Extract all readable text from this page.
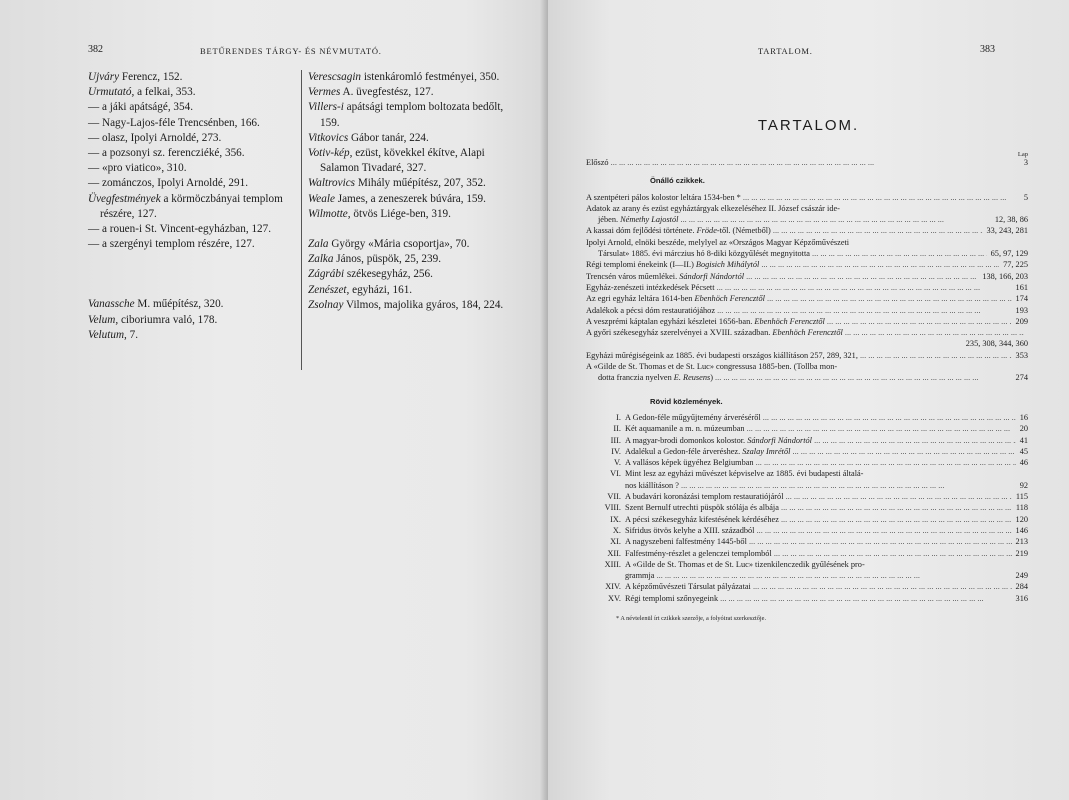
382	BETŰRENDES TÁRGY- ÉS NÉVMUTATÓ.

Ujváry Ferencz, 152.

Urmutató, a felkai, 353.

— a jáki apátságé, 354.

— Nagy-Lajos-féle Trencsénben, 166.

— olasz, Ipolyi Arnoldé, 273.

— a pozsonyi sz. ferencziéké, 356.

— «pro viatico», 310.

— zománczos, Ipolyi Arnoldé, 291.

Üvegfestmények a körmöczbányai templom részére, 127.

— a rouen-i St. Vincent-egyházban, 127.

— a szergényi templom részére, 127.

Vanassche M. műépítész, 320.

Velum, ciboriumra való, 178.

Velutum, 7.

Verescsagin istenkáromló festményei, 350.

Vermes A. üvegfestész, 127.

Villers-i apátsági templom boltozata bedőlt, 159.

Vitkovics Gábor tanár, 224.

Votiv-kép, ezüst, kövekkel ékítve, Alapi Salamon Tivadaré, 327.

Waltrovics Mihály műépítész, 207, 352.

Weale James, a zeneszerek búvára, 159.

Wilmotte, ötvös Liége-ben, 319.

Zala György «Mária csoportja», 70.

Zalka János, püspök, 25, 239.

Zágrábi székesegyház, 256.

Zenészet, egyházi, 161.

Zsolnay Vilmos, majolika gyáros, 184, 224.

TARTALOM.	383
TARTALOM.
Lap
Előszó ... .	3
Önálló czikkek.
A szentpéteri pálos kolostor leltára 1534-ben * ... .	5
Adatok az arany és ezüst egyháztárgyak elkezeléséhez II. József császár ide-
jében. Némethy Lajostól ... .	12, 38, 86
A kassai dóm fejlődési története. Fröde-től. (Németből) ... .	33, 243, 281
Ipolyi Arnold, elnöki beszéde, melylyel az «Országos Magyar Képzőművészeti
Társulat» 1885. évi márczius hó 8-diki közgyűlését megnyitotta ... .	65, 97, 129
Régi templomi énekeink (I—II.) Bogisich Mihálytól ... .	77, 225
Trencsén város műemlékei. Sándorfi Nándortól ... .	138, 166, 203
Egyház-zenészeti intézkedések Pécsett ... .	161
Az egri egyház leltára 1614-ben Ebenhöch Ferencztől ... .	174
Adalékok a pécsi dóm restauratiójához ... .	193
A veszprémi káptalan egyházi készletei 1656-ban. Ebenhöch Ferencztől ... .	209
A győri székesegyház szerelvényei a XVIII. században. Ebenhöch Ferencztől ... .
235, 308, 344, 360
Egyházi műrégiségeink az 1885. évi budapesti országos kiállításon 257, 289, 321, ... .	353
A «Gilde de St. Thomas et de St. Luc» congressusa 1885-ben. (Tollba mon-
dotta franczia nyelven E. Reusens) ... .	274
Rövid közlemények.
I. A Gedon-féle műgyűjtemény árveréséről ... .	16
II. Két aquamanile a m. n. múzeumban ... .	20
III. A magyar-brodi domonkos kolostor. Sándorfi Nándortól ... .	41
IV. Adalékul a Gedon-féle árveréshez. Szalay Imrétől ... .	45
V. A vallásos képek ügyéhez Belgiumban ... .	46
VI. Mint lesz az egyházi művészet képviselve az 1885. évi budapesti általá-
nos kiállításon ? ... .	92
VII. A budavári koronázási templom restauratiójáról ... .	115
VIII. Szent Bernulf utrechti püspök stólája és albája ... .	118
IX. A pécsi székesegyház kifestésének kérdéséhez ... .	120
X. Sifridus ötvös kelyhe a XIII. századból ... .	146
XI. A nagyszebeni falfestmény 1445-ből ... .	213
XII. Falfestmény-részlet a gelenczei templomból ... .	219
XIII. A «Gilde de St. Thomas et de St. Luc» tizenkilenczedik gyűlésének pro-
grammja ... .	249
XIV. A képzőművészeti Társulat pályázatai ... .	284
XV. Régi templomi szőnyegeink ... .	316
* A névtelenül írt czikkek szerzője, a folyóirat szerkesztője.
